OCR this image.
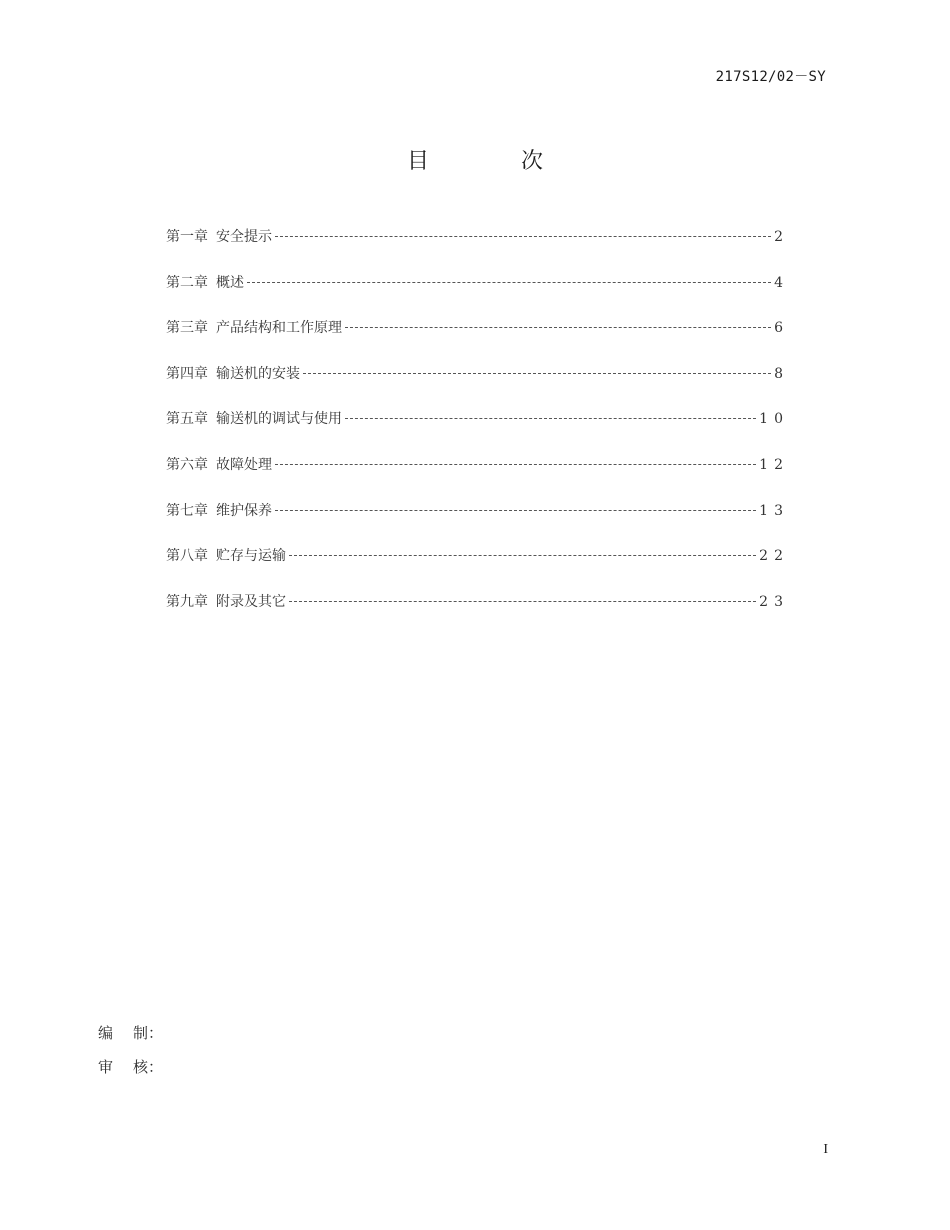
217S12/02－SY
目	次
第一章 安全提示	2
第二章 概述	4
第三章 产品结构和工作原理	6
第四章 输送机的安装	8
第五章 输送机的调试与使用	10
第六章 故障处理	12
第七章 维护保养	13
第八章 贮存与运输	22
第九章 附录及其它	23
编 制：
审 核：
I
